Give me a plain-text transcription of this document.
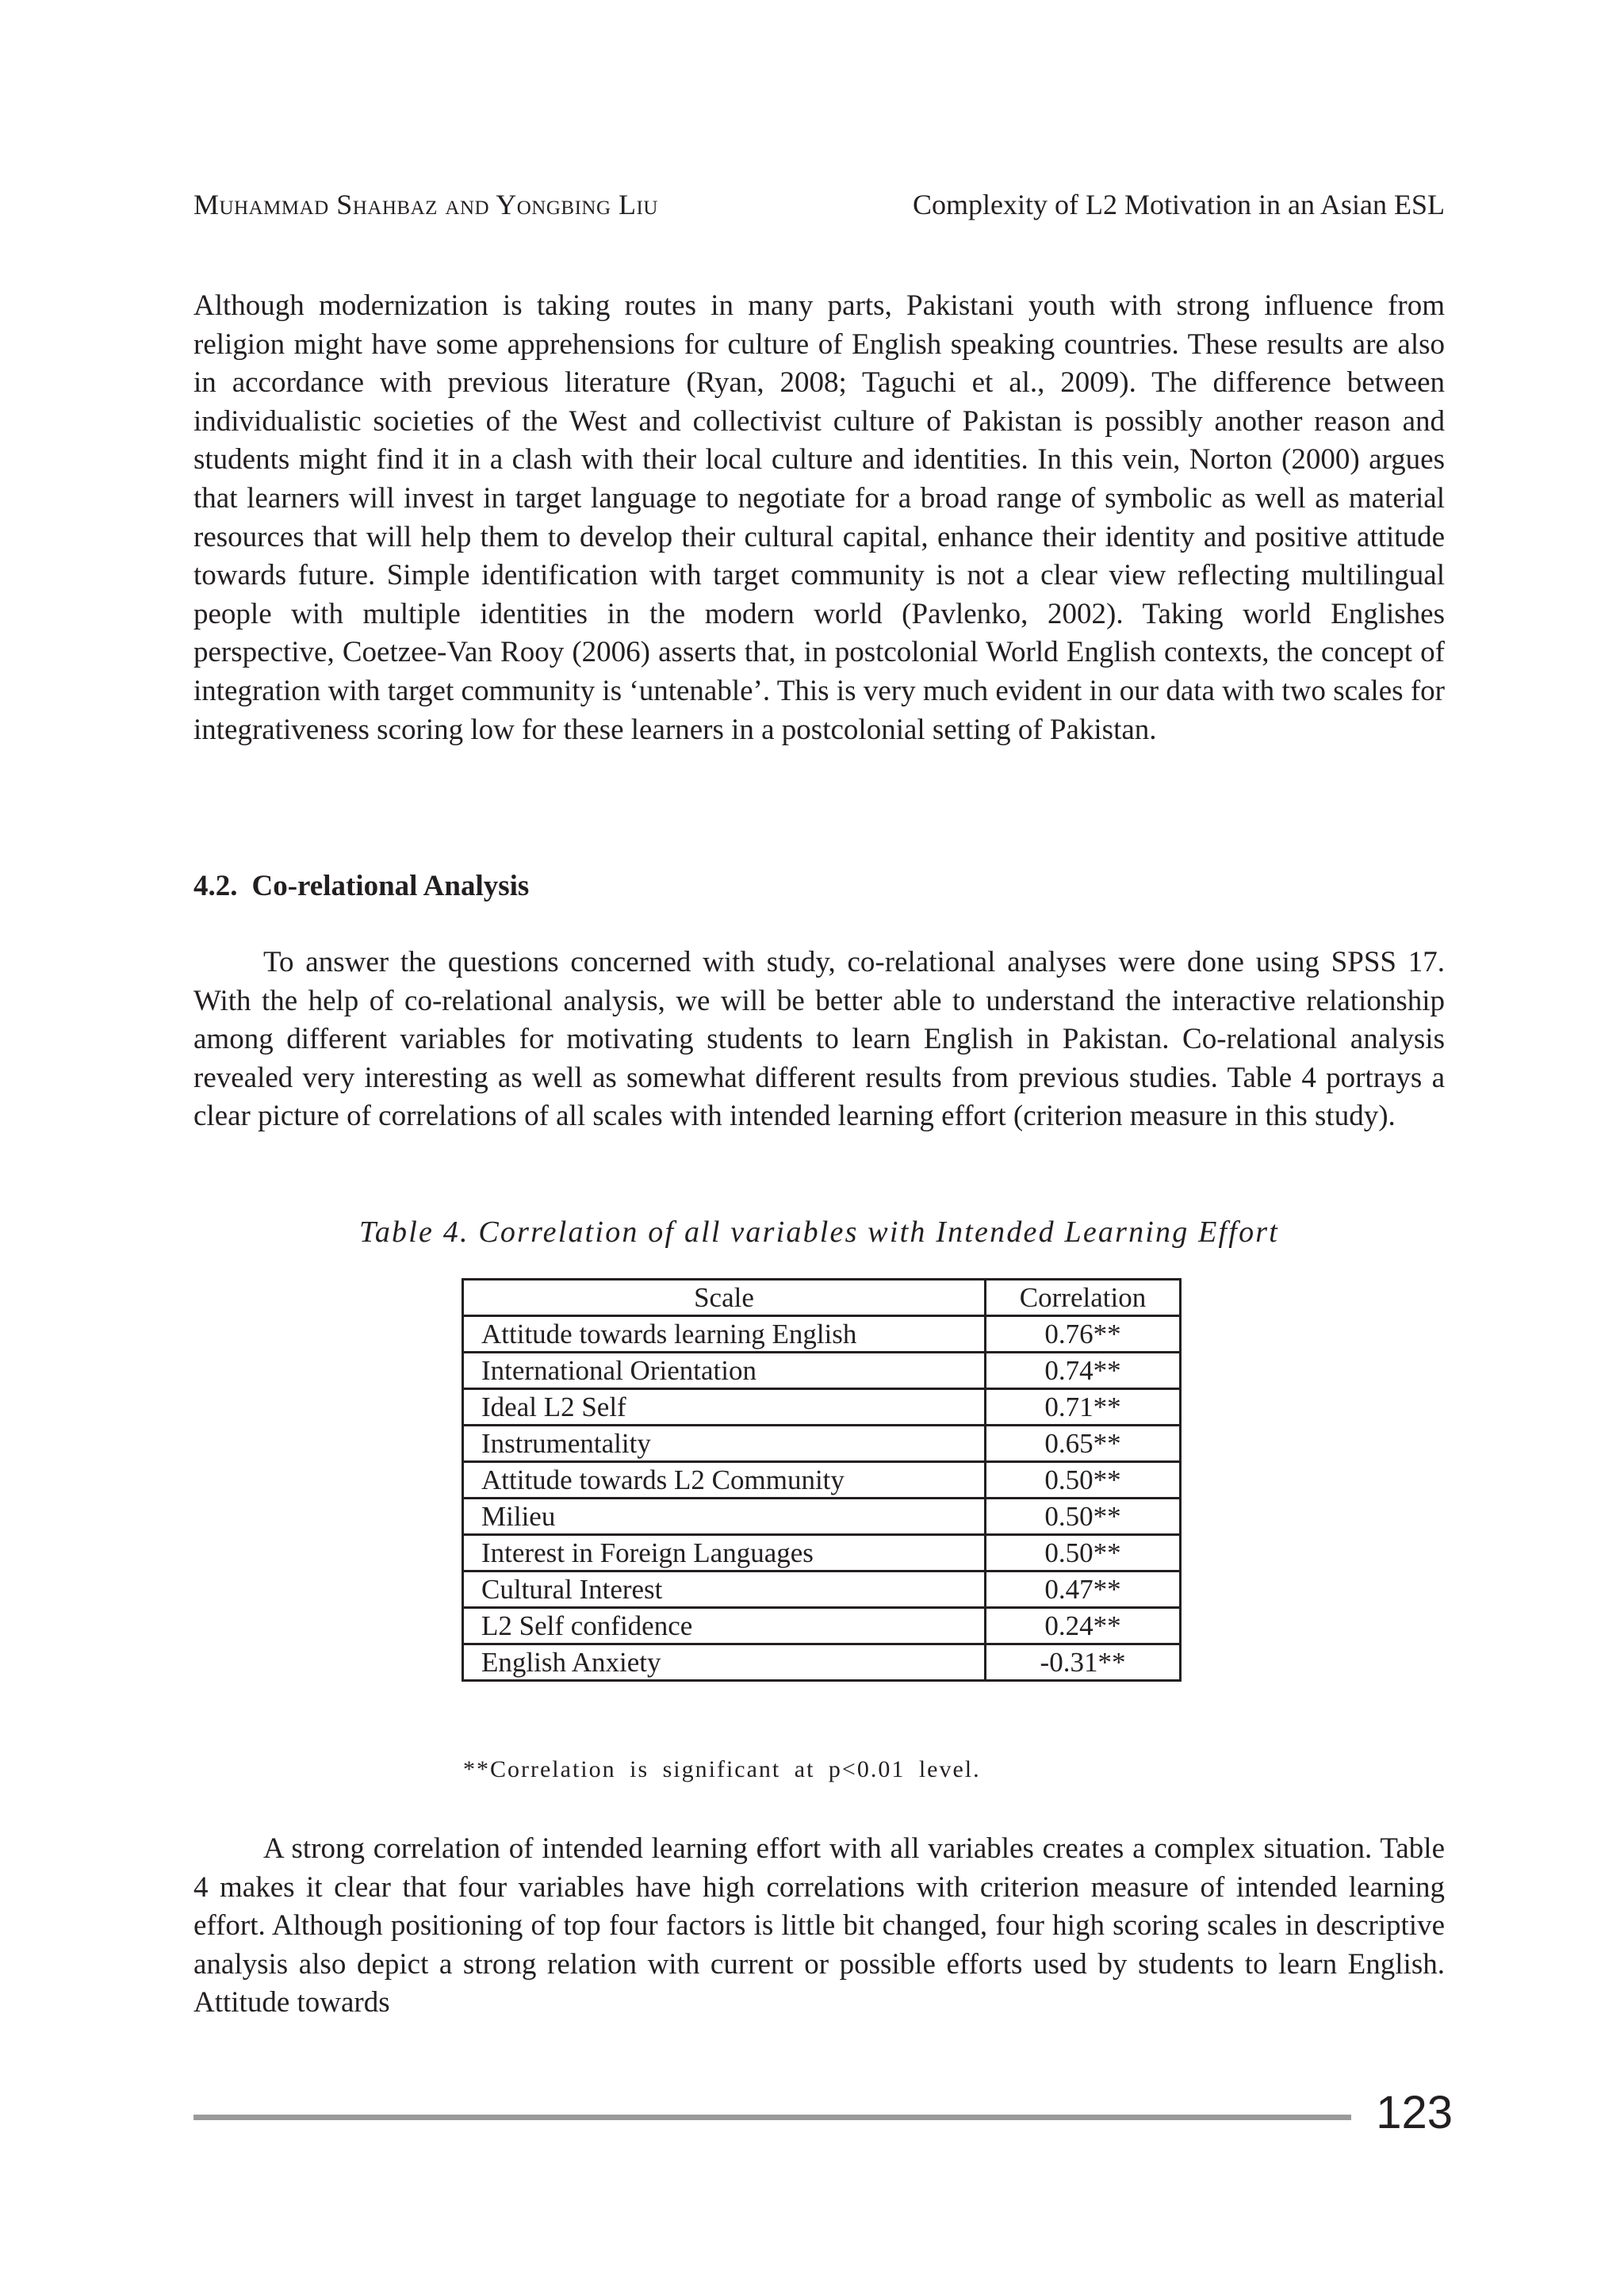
Muhammad Shahbaz and Yongbing Liu	Complexity of L2 Motivation in an Asian ESL

Although modernization is taking routes in many parts, Pakistani youth with strong influence from religion might have some apprehensions for culture of English speaking countries. These results are also in accordance with previous literature (Ryan, 2008; Taguchi et al., 2009). The difference between individualistic societies of the West and collectivist culture of Pakistan is possibly another reason and students might find it in a clash with their local culture and identities. In this vein, Norton (2000) argues that learners will invest in target language to negotiate for a broad range of symbolic as well as material resources that will help them to develop their cultural capital, enhance their identity and positive attitude towards future. Simple identification with target community is not a clear view reflecting multilingual people with multiple identities in the modern world (Pavlenko, 2002). Taking world Englishes perspective, Coetzee-Van Rooy (2006) asserts that, in postcolonial World English contexts, the concept of integration with target community is ‘untenable’. This is very much evident in our data with two scales for integrativeness scoring low for these learners in a postcolonial setting of Pakistan.

4.2. Co-relational Analysis

To answer the questions concerned with study, co-relational analyses were done using SPSS 17. With the help of co-relational analysis, we will be better able to understand the interactive relationship among different variables for motivating students to learn English in Pakistan. Co-relational analysis revealed very interesting as well as somewhat different results from previous studies. Table 4 portrays a clear picture of correlations of all scales with intended learning effort (criterion measure in this study).

Table 4. Correlation of all variables with Intended Learning Effort

Scale	Correlation
Attitude towards learning English	0.76**
International Orientation	0.74**
Ideal L2 Self	0.71**
Instrumentality	0.65**
Attitude towards L2 Community	0.50**
Milieu	0.50**
Interest in Foreign Languages	0.50**
Cultural Interest	0.47**
L2 Self confidence	0.24**
English Anxiety	-0.31**

**Correlation is significant at p<0.01 level.

A strong correlation of intended learning effort with all variables creates a complex situation. Table 4 makes it clear that four variables have high correlations with criterion measure of intended learning effort. Although positioning of top four factors is little bit changed, four high scoring scales in descriptive analysis also depict a strong relation with current or possible efforts used by students to learn English. Attitude towards

123
